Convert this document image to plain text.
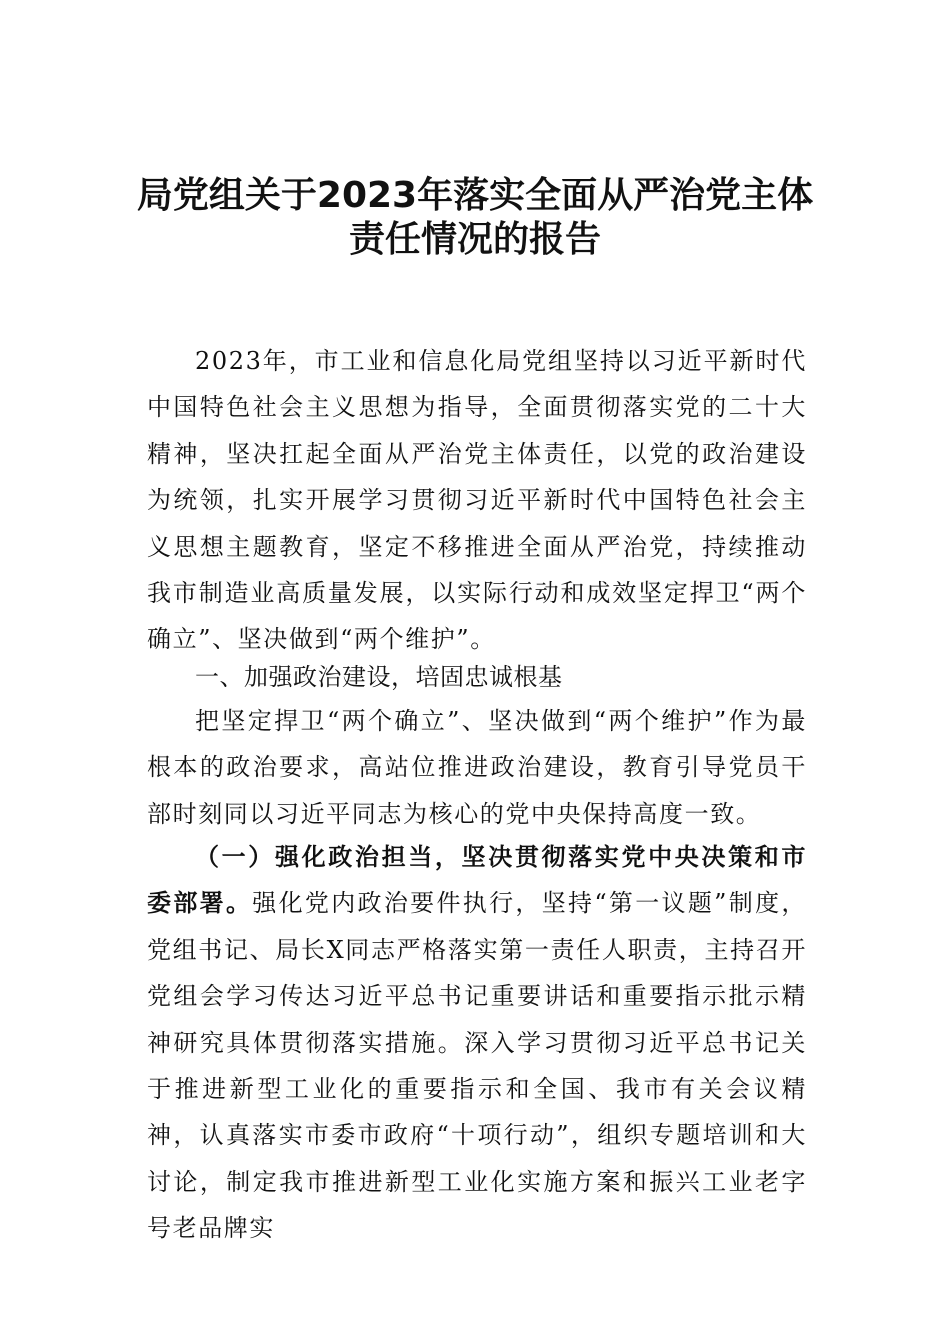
局党组关于2023年落实全面从严治党主体
责任情况的报告

2023年，市工业和信息化局党组坚持以习近平新时代中国特色社会主义思想为指导，全面贯彻落实党的二十大精神，坚决扛起全面从严治党主体责任，以党的政治建设为统领，扎实开展学习贯彻习近平新时代中国特色社会主义思想主题教育，坚定不移推进全面从严治党，持续推动我市制造业高质量发展，以实际行动和成效坚定捍卫“两个确立”、坚决做到“两个维护”。

一、加强政治建设，培固忠诚根基

把坚定捍卫“两个确立”、坚决做到“两个维护”作为最根本的政治要求，高站位推进政治建设，教育引导党员干部时刻同以习近平同志为核心的党中央保持高度一致。

（一）强化政治担当，坚决贯彻落实党中央决策和市委部署。强化党内政治要件执行，坚持“第一议题”制度，党组书记、局长X同志严格落实第一责任人职责，主持召开党组会学习传达习近平总书记重要讲话和重要指示批示精神研究具体贯彻落实措施。深入学习贯彻习近平总书记关于推进新型工业化的重要指示和全国、我市有关会议精神，认真落实市委市政府“十项行动”，组织专题培训和大讨论，制定我市推进新型工业化实施方案和振兴工业老字号老品牌实
